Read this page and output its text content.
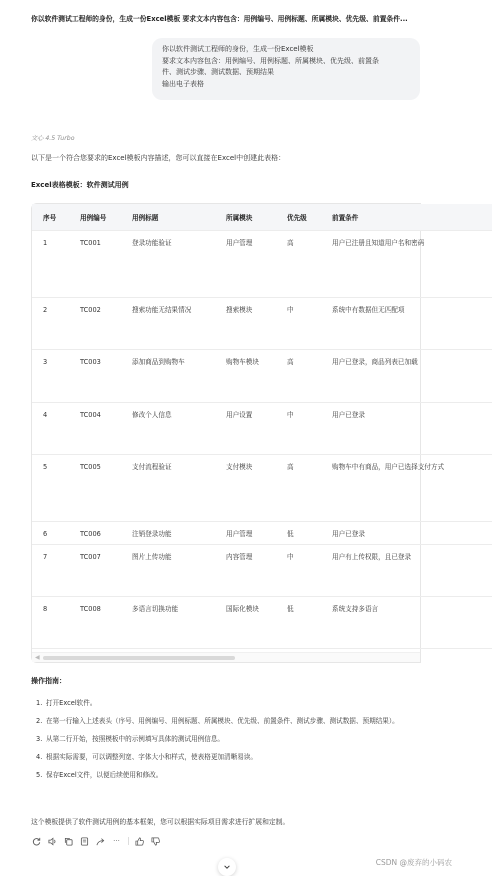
你以软件测试工程师的身份，生成一份Excel模板 要求文本内容包含：用例编号、用例标题、所属模块、优先级、前置条件...
你以软件测试工程师的身份，生成一份Excel模板
要求文本内容包含：用例编号、用例标题、所属模块、优先级、前置条
件、测试步骤、测试数据、预期结果
输出电子表格
文心 4.5 Turbo
以下是一个符合您要求的Excel模板内容描述，您可以直接在Excel中创建此表格：
Excel表格模板：软件测试用例
序号	用例编号	用例标题	所属模块	优先级	前置条件
1	TC001	登录功能验证	用户管理	高	用户已注册且知道用户名和密码
2	TC002	搜索功能无结果情况	搜索模块	中	系统中有数据但无匹配项
3	TC003	添加商品到购物车	购物车模块	高	用户已登录，商品列表已加载
4	TC004	修改个人信息	用户设置	中	用户已登录
5	TC005	支付流程验证	支付模块	高	购物车中有商品，用户已选择支付方式
6	TC006	注销登录功能	用户管理	低	用户已登录
7	TC007	图片上传功能	内容管理	中	用户有上传权限，且已登录
8	TC008	多语言切换功能	国际化模块	低	系统支持多语言
◀
操作指南：
1. 打开Excel软件。
2. 在第一行输入上述表头（序号、用例编号、用例标题、所属模块、优先级、前置条件、测试步骤、测试数据、预期结果）。
3. 从第二行开始，按照模板中的示例填写具体的测试用例信息。
4. 根据实际需要，可以调整列宽、字体大小和样式，使表格更加清晰易读。
5. 保存Excel文件，以便后续使用和修改。
这个模板提供了软件测试用例的基本框架，您可以根据实际项目需求进行扩展和定制。
···
CSDN @废弃的小码农
